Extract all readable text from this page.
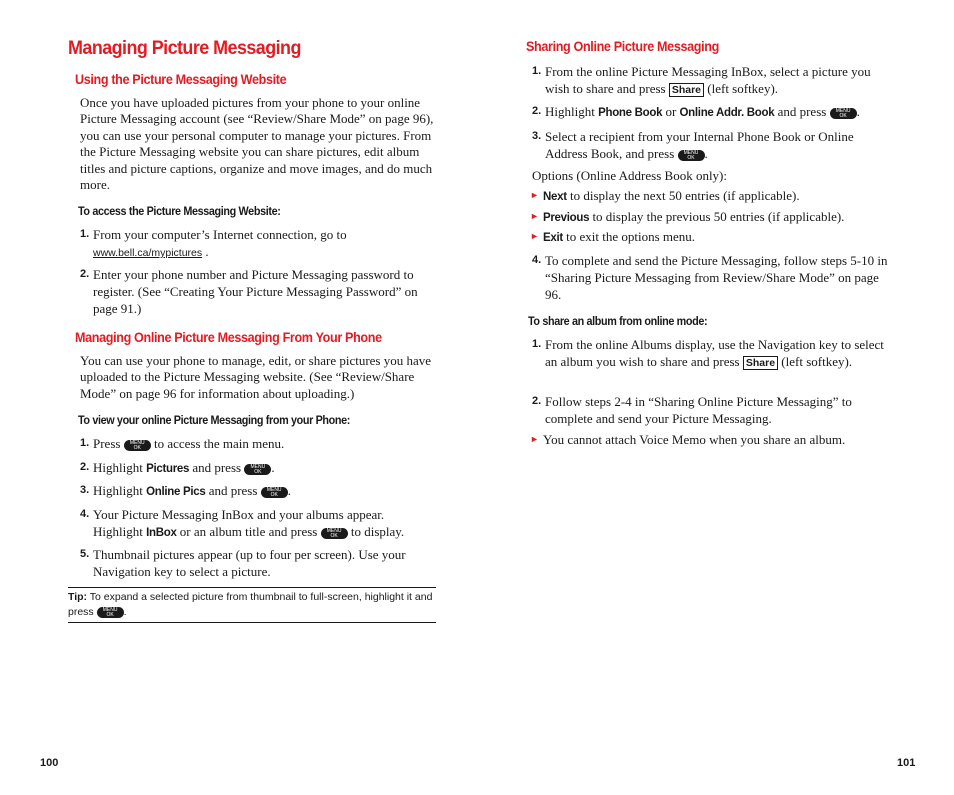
Managing Picture Messaging
Using the Picture Messaging Website
Once you have uploaded pictures from your phone to your online Picture Messaging account (see “Review/Share Mode” on page 96), you can use your personal computer to manage your pictures. From the Picture Messaging website you can share pictures, edit album titles and picture captions, organize and move images, and do much more.
To access the Picture Messaging Website:
1. From your computer’s Internet connection, go to
www.bell.ca/mypictures .
2. Enter your phone number and Picture Messaging password to register. (See “Creating Your Picture Messaging Password” on page 91.)
Managing Online Picture Messaging From Your Phone
You can use your phone to manage, edit, or share pictures you have uploaded to the Picture Messaging website. (See “Review/Share Mode” on page 96 for information about uploading.)
To view your online Picture Messaging from your Phone:
1. Press	MENU
OK	to access the main menu.
2. Highlight Pictures and press	MENU
OK .
3. Highlight Online Pics and press	MENU
OK .
4. Your Picture Messaging InBox and your albums appear.
Highlight InBox or an album title and press	MENU
OK	to display.
5. Thumbnail pictures appear (up to four per screen). Use your Navigation key to select a picture.
Tip: To expand a selected picture from thumbnail to full-screen, highlight it and press	MENU
OK .
100
Sharing Online Picture Messaging
1. From the online Picture Messaging InBox, select a picture you wish to share and press Share (left softkey).
2. Highlight Phone Book or Online Addr. Book and press	MENU
OK .
3. Select a recipient from your Internal Phone Book or Online Address Book, and press	MENU
OK .
Options (Online Address Book only):
► Next to display the next 50 entries (if applicable).
► Previous to display the previous 50 entries (if applicable).
► Exit to exit the options menu.
4. To complete and send the Picture Messaging, follow steps 5-10 in “Sharing Picture Messaging from Review/Share Mode” on page 96.
To share an album from online mode:
1. From the online Albums display, use the Navigation key to select an album you wish to share and press Share (left softkey).
2. Follow steps 2-4 in “Sharing Online Picture Messaging” to complete and send your Picture Messaging.
► You cannot attach Voice Memo when you share an album.
101
